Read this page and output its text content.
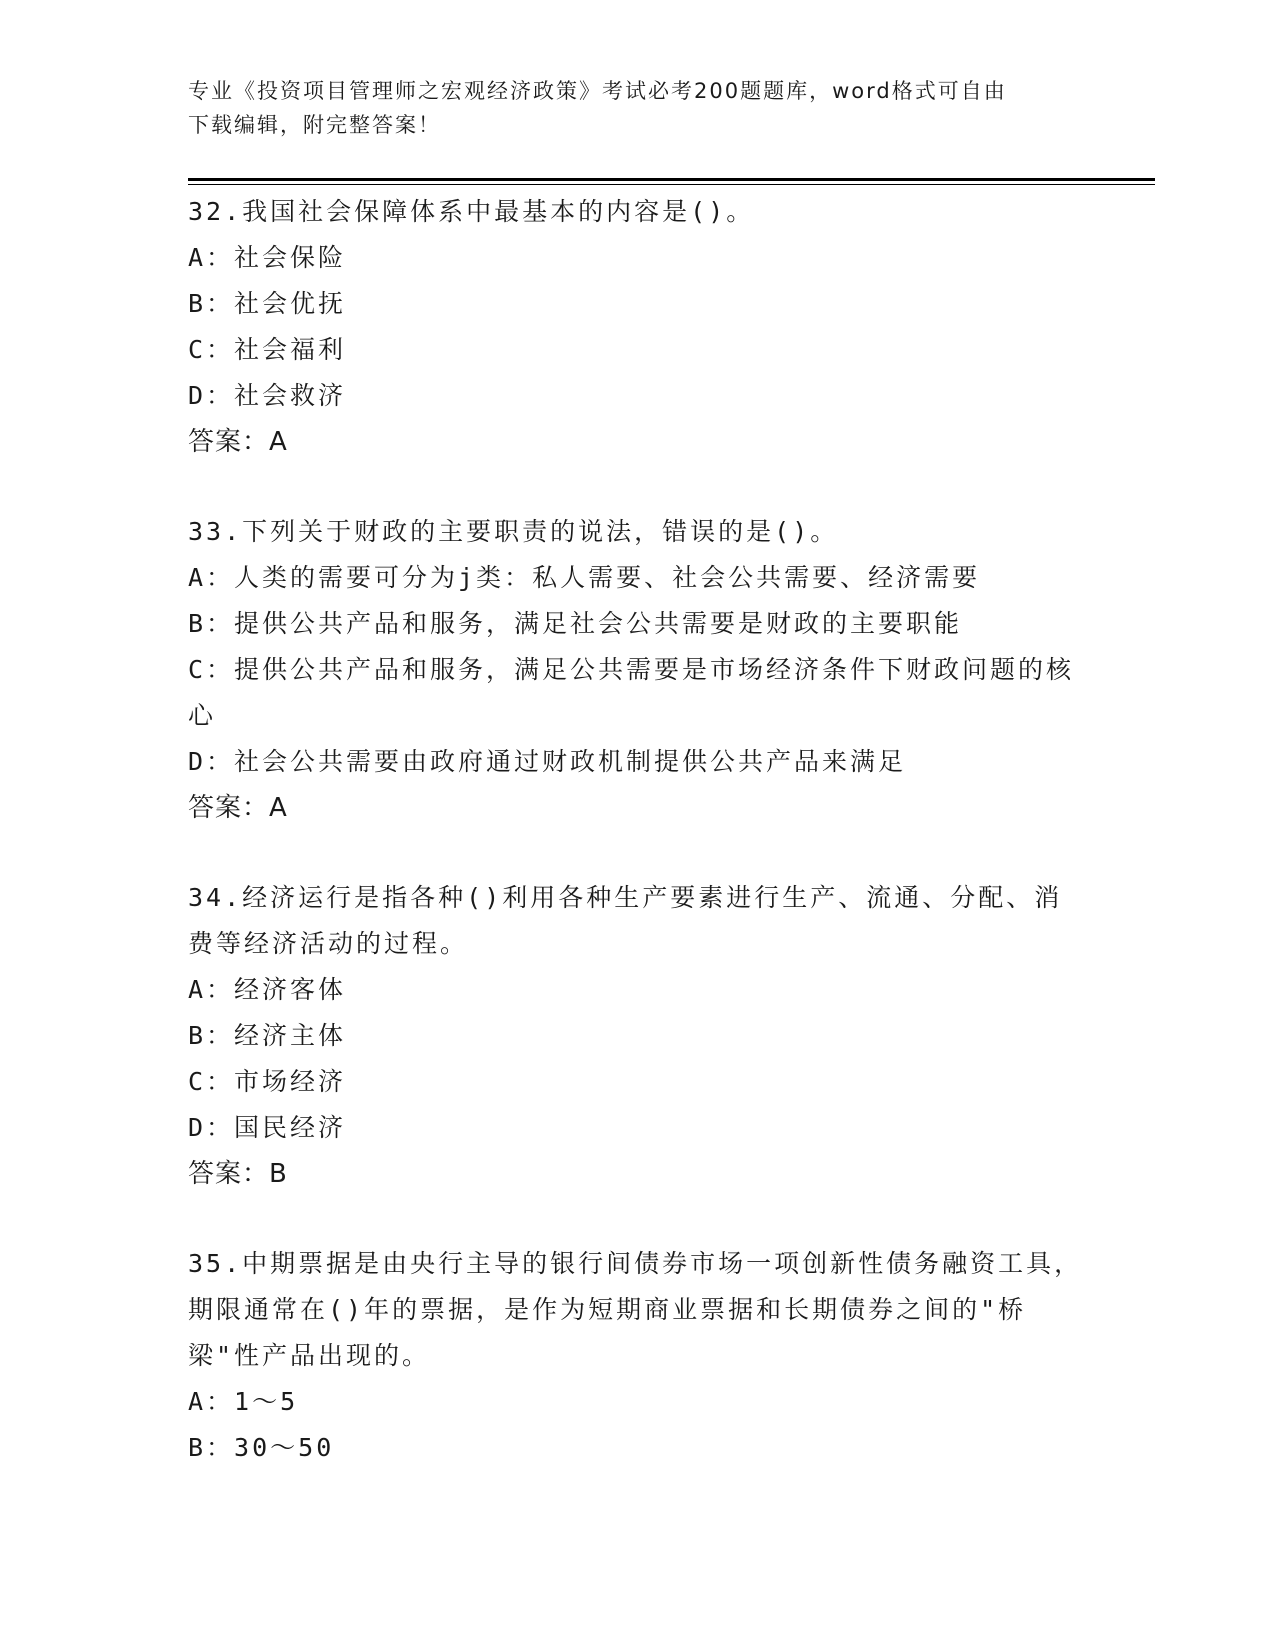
专业《投资项目管理师之宏观经济政策》考试必考200题题库，word格式可自由
下载编辑，附完整答案！
32.我国社会保障体系中最基本的内容是()。
A：社会保险
B：社会优抚
C：社会福利
D：社会救济
答案：A
33.下列关于财政的主要职责的说法，错误的是()。
A：人类的需要可分为j类：私人需要、社会公共需要、经济需要
B：提供公共产品和服务，满足社会公共需要是财政的主要职能
C：提供公共产品和服务，满足公共需要是市场经济条件下财政问题的核心
D：社会公共需要由政府通过财政机制提供公共产品来满足
答案：A
34.经济运行是指各种()利用各种生产要素进行生产、流通、分配、消费等经济活动的过程。
A：经济客体
B：经济主体
C：市场经济
D：国民经济
答案：B
35.中期票据是由央行主导的银行间债券市场一项创新性债务融资工具，期限通常在()年的票据，是作为短期商业票据和长期债券之间的"桥梁"性产品出现的。
A：1～5
B：30～50
